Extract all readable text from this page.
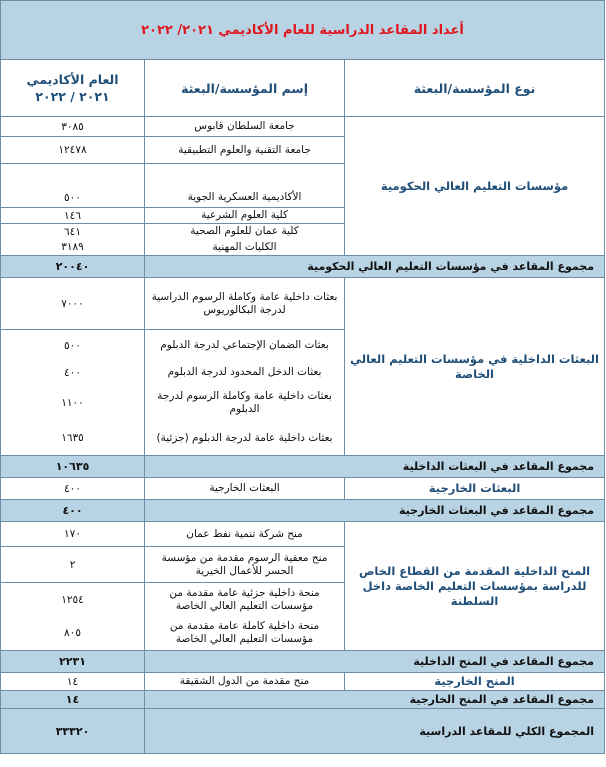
أعداد المقاعد الدراسية للعام الأكاديمي ٢٠٢١/ ٢٠٢٢		
نوع المؤسسة/البعثة	إسم المؤسسة/البعثة	العام الأكاديمي
٢٠٢١ / ٢٠٢٢

مؤسسات التعليم العالي الحكومية	جامعة السلطان قابوس	٣٠٨٥
	جامعة التقنية والعلوم التطبيقية	١٢٤٧٨
	الأكاديمية العسكرية الجوية	٥٠٠
	كلية العلوم الشرعية	١٤٦
	كلية عمان للعلوم الصحية	٦٤١
	الكليات المهنية	٣١٨٩
مجموع المقاعد في مؤسسات التعليم العالي الحكومية		٢٠٠٤٠
البعثات الداخلية في مؤسسات التعليم العالي الخاصة	بعثات داخلية عامة وكاملة الرسوم الدراسية لدرجة البكالوريوس	٧٠٠٠
	بعثات الضمان الإجتماعي لدرجة الدبلوم	٥٠٠
	بعثات الدخل المحدود لدرجة الدبلوم	٤٠٠
	بعثات داخلية عامة وكاملة الرسوم لدرجة الدبلوم	١١٠٠
	بعثات داخلية عامة لدرجة الدبلوم (جزئية)	١٦٣٥
مجموع المقاعد في البعثات الداخلية		١٠٦٣٥
البعثات الخارجية	البعثات الخارجية	٤٠٠
مجموع المقاعد في البعثات الخارجية		٤٠٠
المنح الداخلية المقدمة من القطاع الخاص للدراسة بمؤسسات التعليم الخاصة داخل السلطنة	منح شركة تنمية نفط عمان	١٧٠
	منح معفية الرسوم مقدمة من مؤسسة الحسر للأعمال الخيرية	٢
	منحة داخلية جزئية عامة مقدمة من مؤسسات التعليم العالي الخاصة	١٢٥٤
	منحة داخلية كاملة عامة مقدمة من مؤسسات التعليم العالي الخاصة	٨٠٥
مجموع المقاعد في المنح الداخلية		٢٢٣١
المنح الخارجية	منح مقدمة من الدول الشقيقة	١٤
مجموع المقاعد في المنح الخارجية		١٤
المجموع الكلي للمقاعد الدراسية		٣٣٣٢٠
